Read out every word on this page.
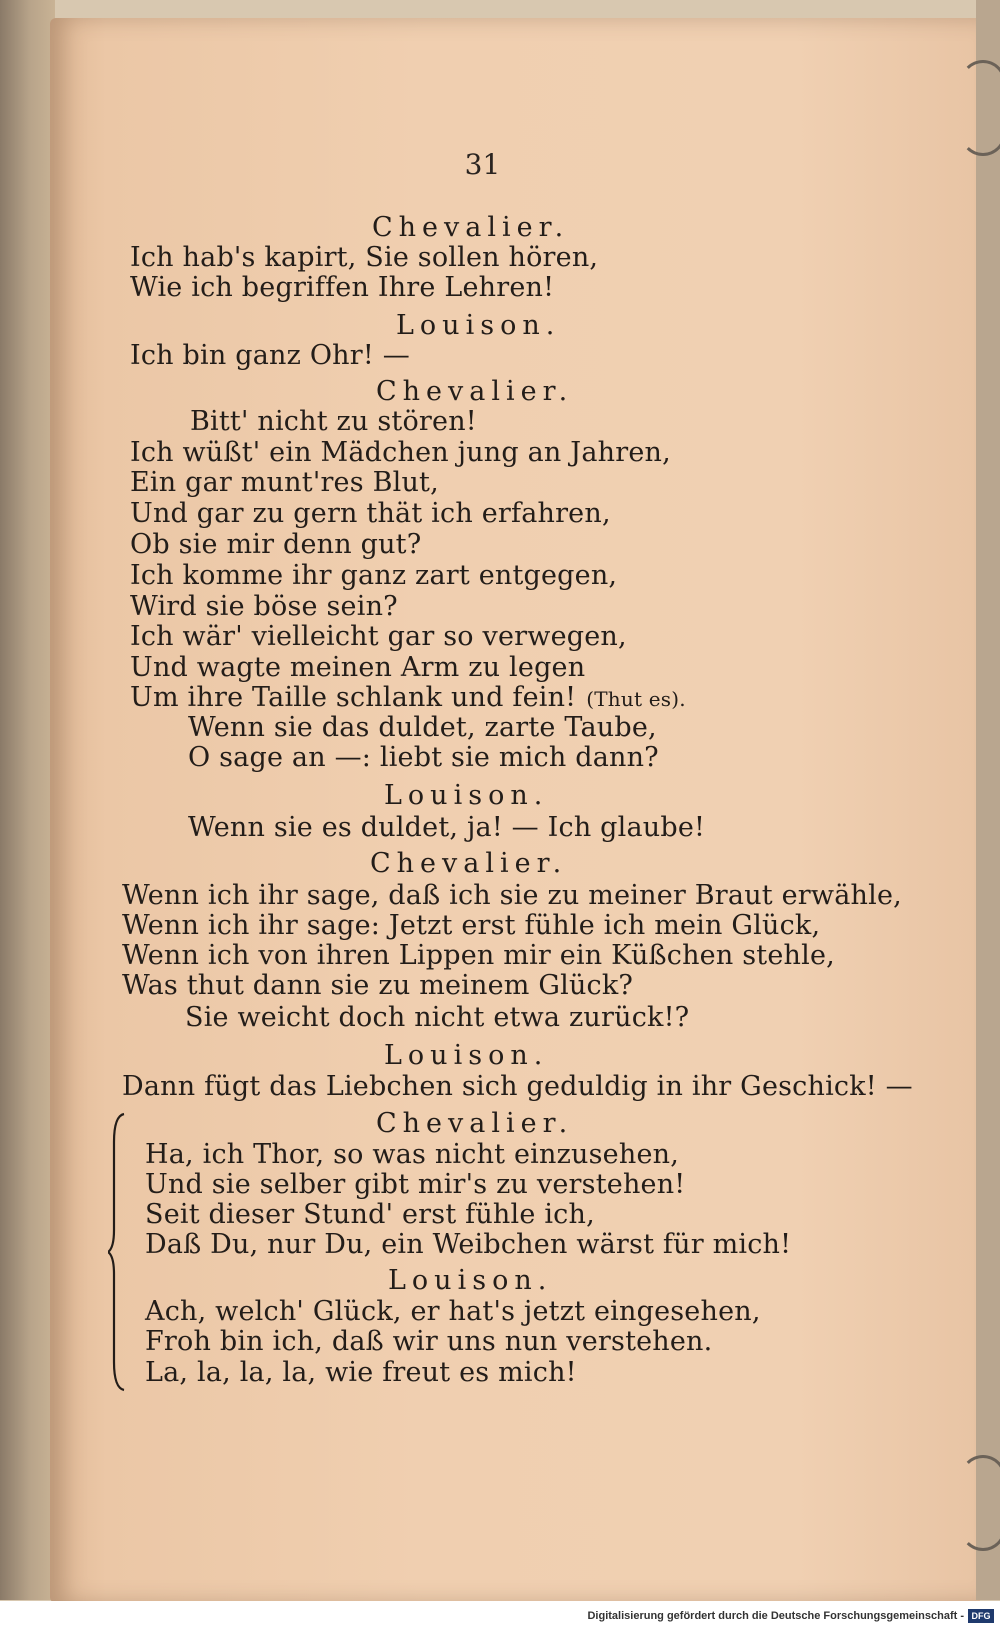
31
Chevalier.
Ich hab's kapirt, Sie sollen hören,
Wie ich begriffen Ihre Lehren!
Louison.
Ich bin ganz Ohr! —
Chevalier.
Bitt' nicht zu stören!
Ich wüßt' ein Mädchen jung an Jahren,
Ein gar munt'res Blut,
Und gar zu gern thät ich erfahren,
Ob sie mir denn gut?
Ich komme ihr ganz zart entgegen,
Wird sie böse sein?
Ich wär' vielleicht gar so verwegen,
Und wagte meinen Arm zu legen
Um ihre Taille schlank und fein! (Thut es).
Wenn sie das duldet, zarte Taube,
O sage an —: liebt sie mich dann?
Louison.
Wenn sie es duldet, ja! — Ich glaube!
Chevalier.
Wenn ich ihr sage, daß ich sie zu meiner Braut erwähle,
Wenn ich ihr sage: Jetzt erst fühle ich mein Glück,
Wenn ich von ihren Lippen mir ein Küßchen stehle,
Was thut dann sie zu meinem Glück?
Sie weicht doch nicht etwa zurück!?
Louison.
Dann fügt das Liebchen sich geduldig in ihr Geschick! —
Chevalier.
Ha, ich Thor, so was nicht einzusehen,
Und sie selber gibt mir's zu verstehen!
Seit dieser Stund' erst fühle ich,
Daß Du, nur Du, ein Weibchen wärst für mich!
Louison.
Ach, welch' Glück, er hat's jetzt eingesehen,
Froh bin ich, daß wir uns nun verstehen.
La, la, la, la, wie freut es mich!
Digitalisierung gefördert durch die Deutsche Forschungsgemeinschaft - DFG
